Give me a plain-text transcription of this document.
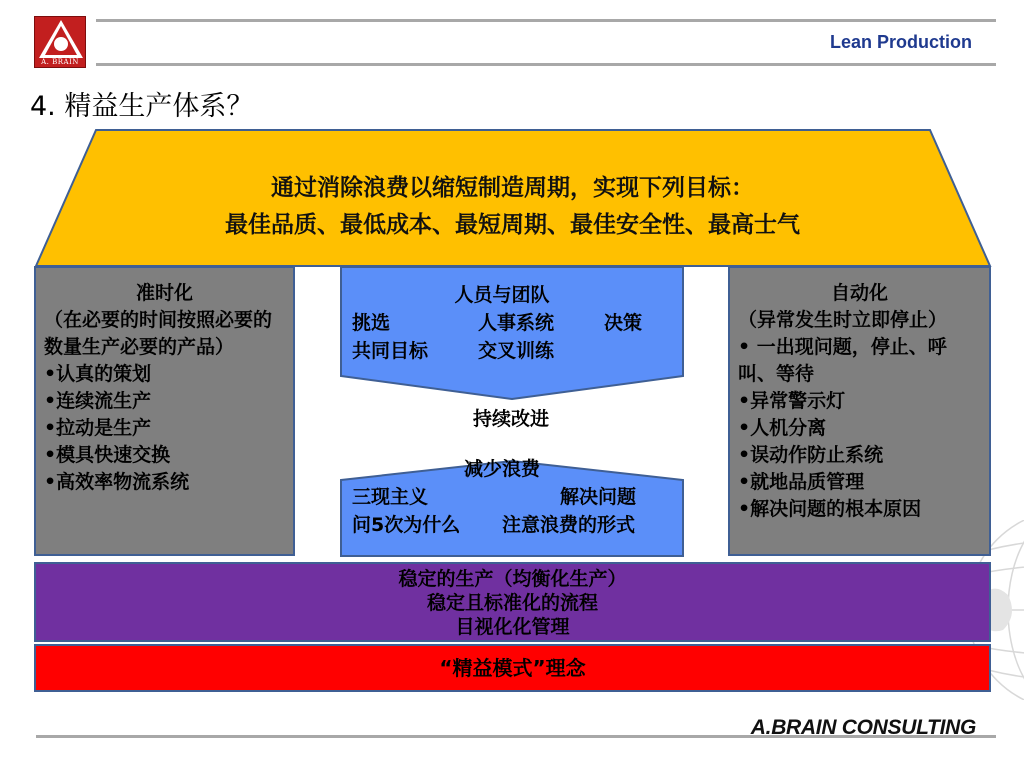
A. BRAIN
Lean Production
4. 精益生产体系？
通过消除浪费以缩短制造周期，实现下列目标：
最佳品质、最低成本、最短周期、最佳安全性、最高士气
准时化
（在必要的时间按照必要的数量生产必要的产品）
•认真的策划
•连续流生产
•拉动是生产
•模具快速交换
•高效率物流系统
人员与团队
挑选	人事系统	决策
共同目标	交叉训练
持续改进
减少浪费
三现主义	解决问题
问5次为什么 注意浪费的形式
自动化
（异常发生时立即停止）
• 一出现问题，停止、呼叫、等待
•异常警示灯
•人机分离
•误动作防止系统
•就地品质管理
•解决问题的根本原因
稳定的生产（均衡化生产）
稳定且标准化的流程
目视化化管理
“精益模式”理念
A.BRAIN CONSULTING
